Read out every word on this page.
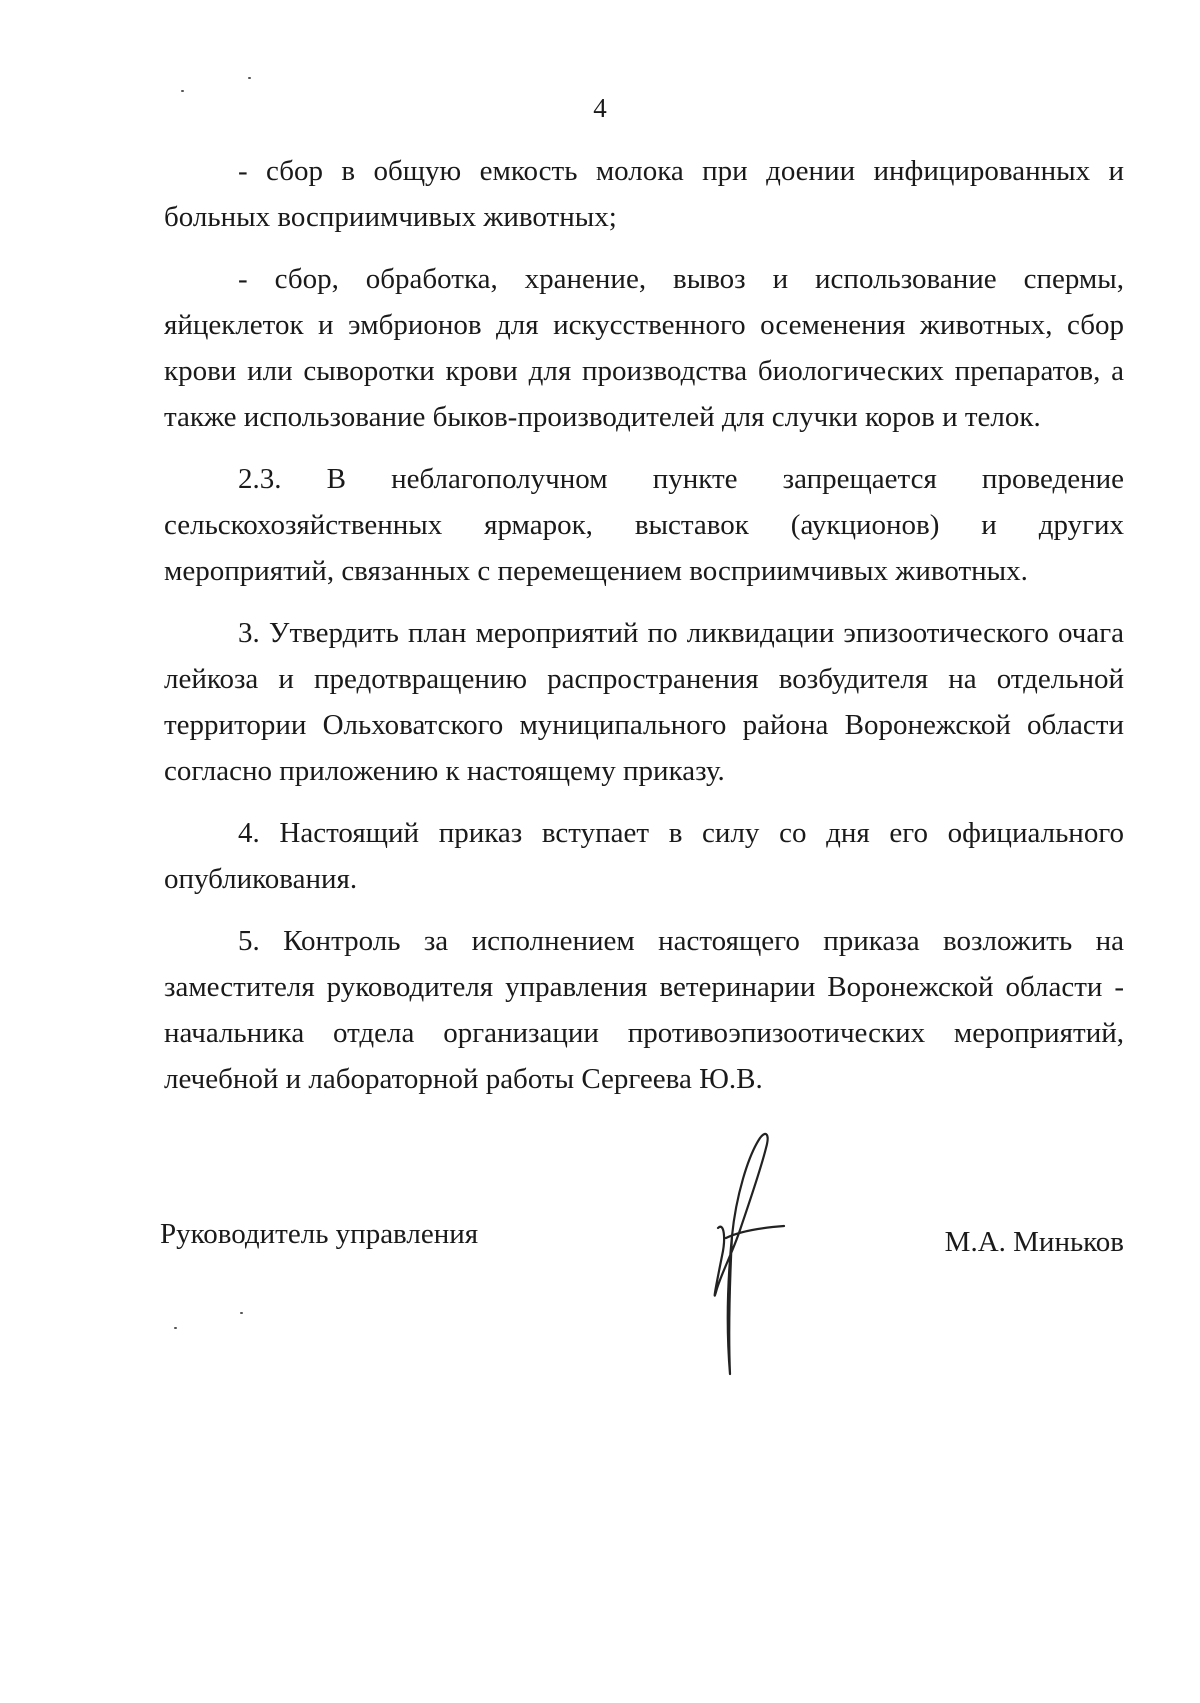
4

- сбор в общую емкость молока при доении инфицированных и больных восприимчивых животных;

- сбор, обработка, хранение, вывоз и использование спермы, яйцеклеток и эмбрионов для искусственного осеменения животных, сбор крови или сыворотки крови для производства биологических препаратов, а также использование быков-производителей для случки коров и телок.

2.3. В неблагополучном пункте запрещается проведение сельскохозяйственных ярмарок, выставок (аукционов) и других мероприятий, связанных с перемещением восприимчивых животных.

3. Утвердить план мероприятий по ликвидации эпизоотического очага лейкоза и предотвращению распространения возбудителя на отдельной территории Ольховатского муниципального района Воронежской области согласно приложению к настоящему приказу.

4. Настоящий приказ вступает в силу со дня его официального опубликования.

5. Контроль за исполнением настоящего приказа возложить на заместителя руководителя управления ветеринарии Воронежской области - начальника отдела организации противоэпизоотических мероприятий, лечебной и лабораторной работы Сергеева Ю.В.

Руководитель управления	М.А. Миньков
